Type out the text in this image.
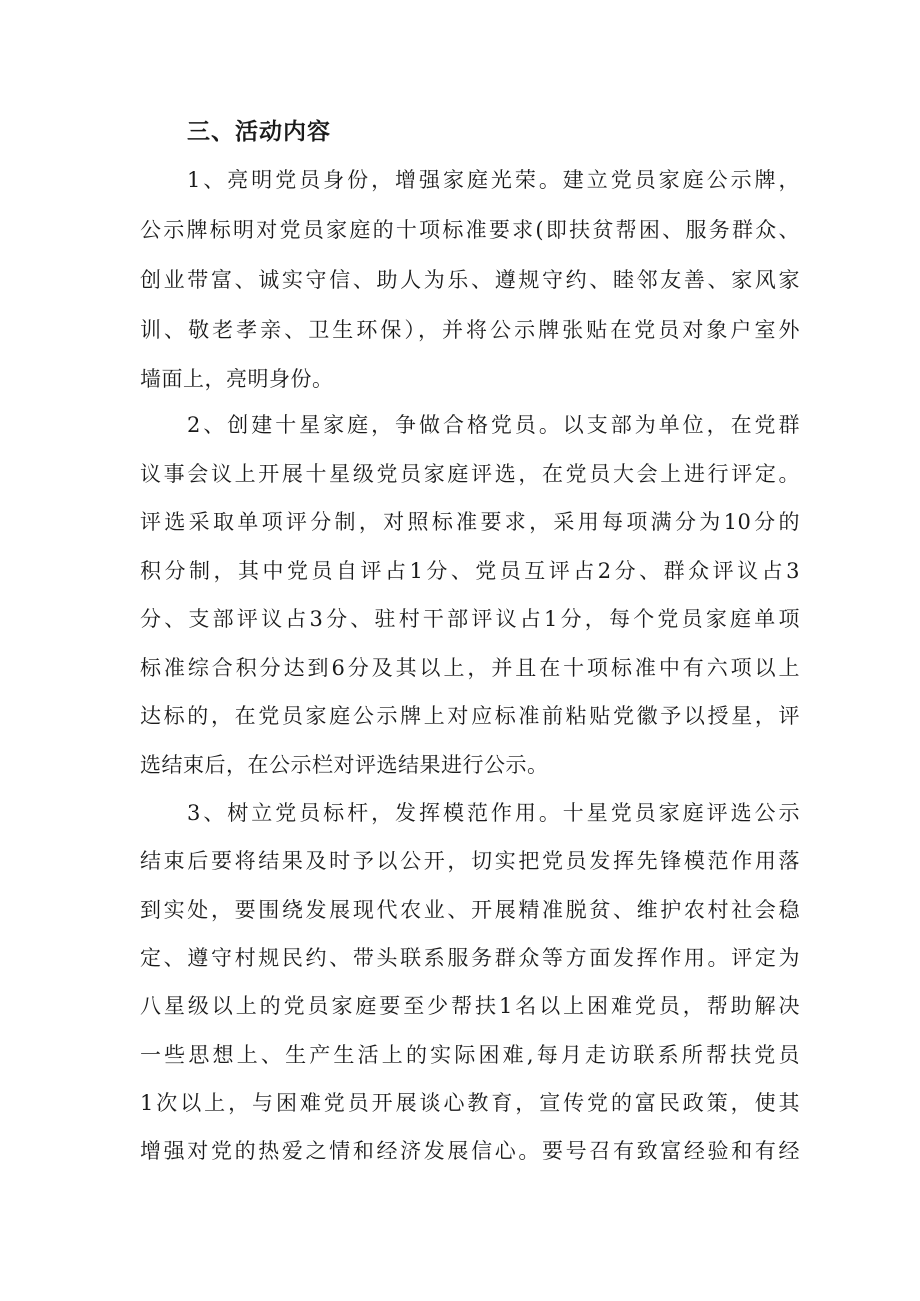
三、活动内容
1、亮明党员身份，增强家庭光荣。建立党员家庭公示牌，
公示牌标明对党员家庭的十项标准要求(即扶贫帮困、服务群众、
创业带富、诚实守信、助人为乐、遵规守约、睦邻友善、家风家
训、敬老孝亲、卫生环保），并将公示牌张贴在党员对象户室外
墙面上，亮明身份。
2、创建十星家庭，争做合格党员。以支部为单位，在党群
议事会议上开展十星级党员家庭评选，在党员大会上进行评定。
评选采取单项评分制，对照标准要求，采用每项满分为10分的
积分制，其中党员自评占1分、党员互评占2分、群众评议占3
分、支部评议占3分、驻村干部评议占1分，每个党员家庭单项
标准综合积分达到6分及其以上，并且在十项标准中有六项以上
达标的，在党员家庭公示牌上对应标准前粘贴党徽予以授星，评
选结束后，在公示栏对评选结果进行公示。
3、树立党员标杆，发挥模范作用。十星党员家庭评选公示
结束后要将结果及时予以公开，切实把党员发挥先锋模范作用落
到实处，要围绕发展现代农业、开展精准脱贫、维护农村社会稳
定、遵守村规民约、带头联系服务群众等方面发挥作用。评定为
八星级以上的党员家庭要至少帮扶1名以上困难党员，帮助解决
一些思想上、生产生活上的实际困难,每月走访联系所帮扶党员
1次以上，与困难党员开展谈心教育，宣传党的富民政策，使其
增强对党的热爱之情和经济发展信心。要号召有致富经验和有经
